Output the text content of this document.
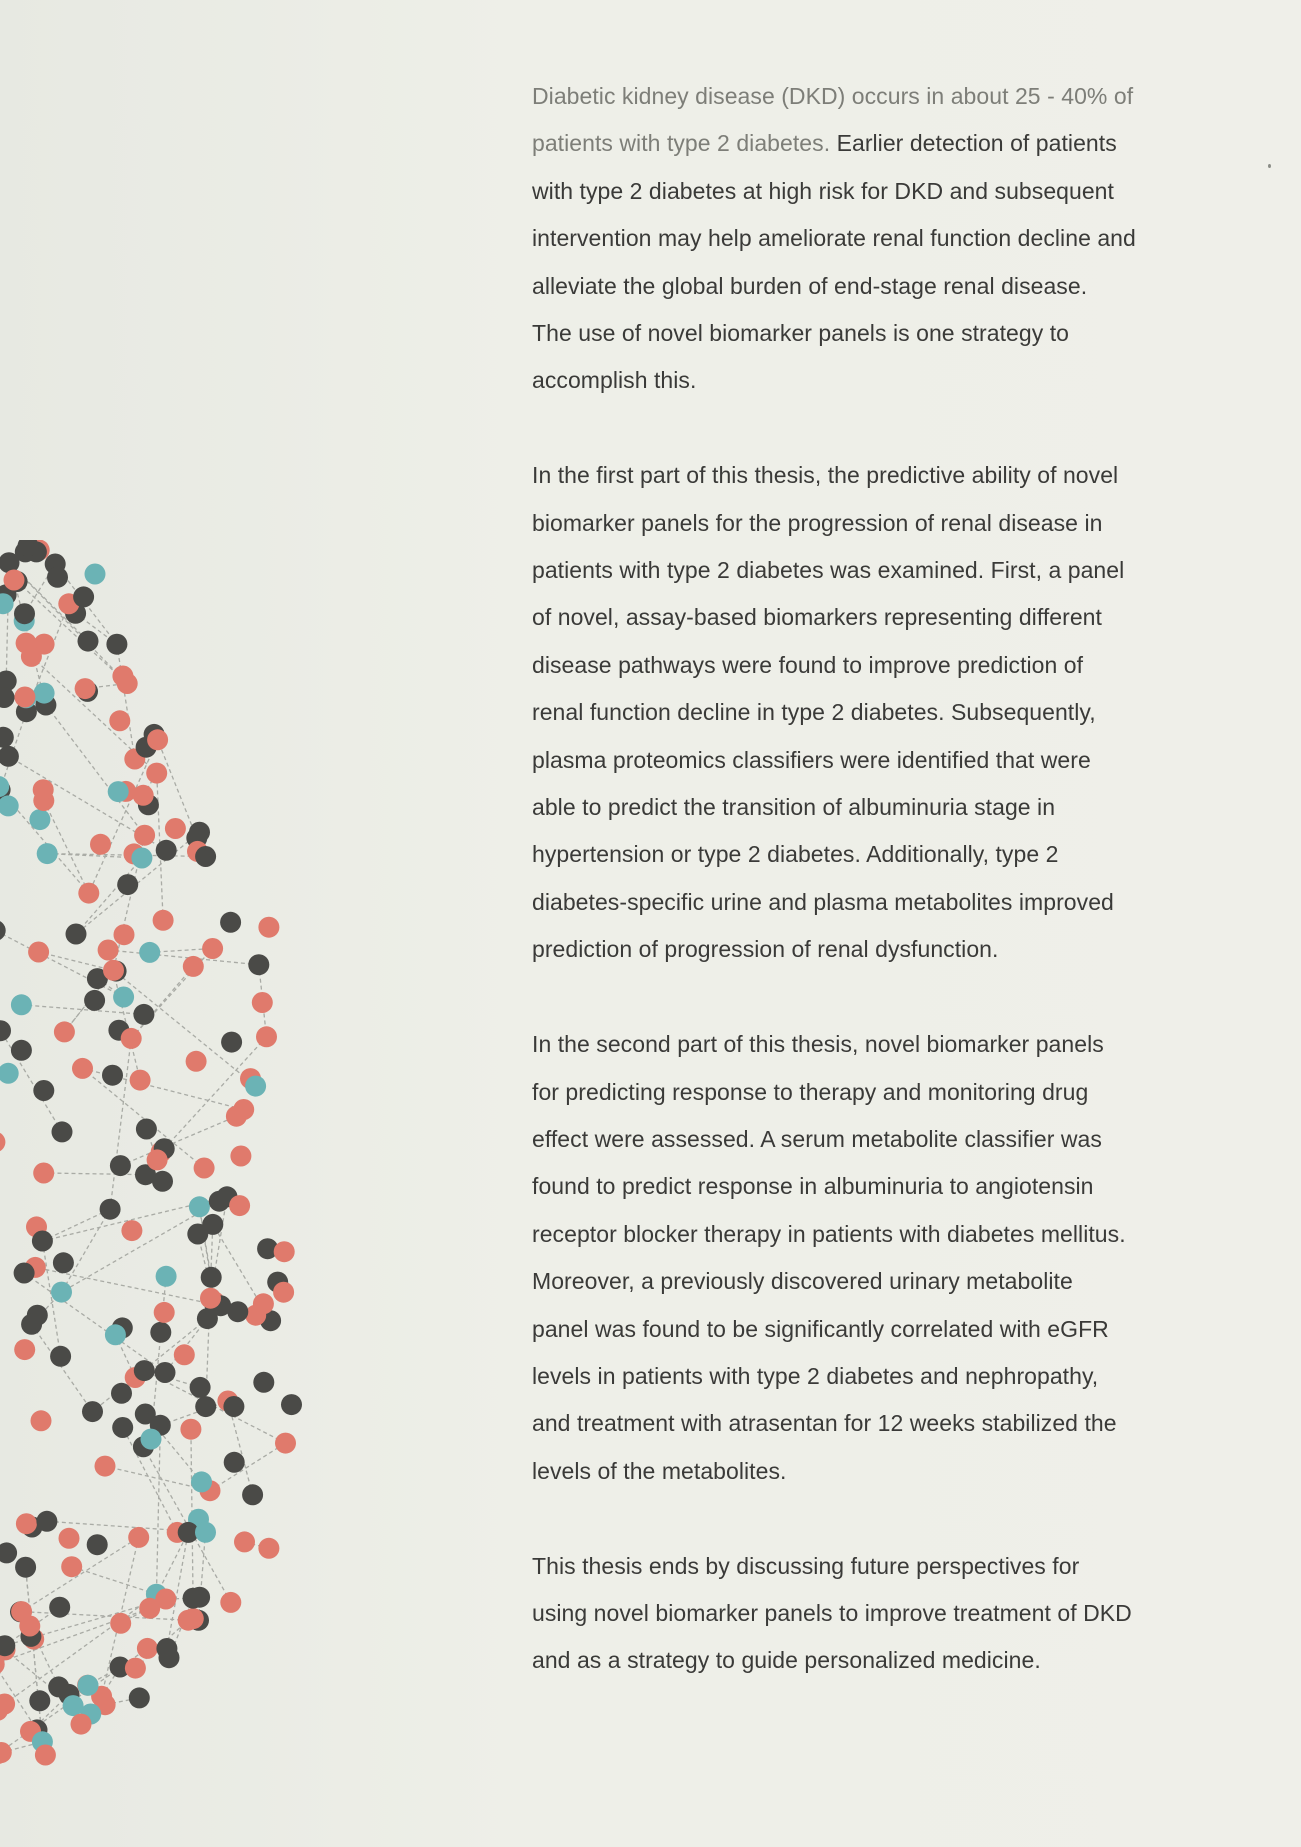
Diabetic kidney disease (DKD) occurs in about 25 - 40% of
patients with type 2 diabetes. Earlier detection of patients
with type 2 diabetes at high risk for DKD and subsequent
intervention may help ameliorate renal function decline and
alleviate the global burden of end-stage renal disease.
The use of novel biomarker panels is one strategy to
accomplish this.

In the first part of this thesis, the predictive ability of novel
biomarker panels for the progression of renal disease in
patients with type 2 diabetes was examined. First, a panel
of novel, assay-based biomarkers representing different
disease pathways were found to improve prediction of
renal function decline in type 2 diabetes. Subsequently,
plasma proteomics classifiers were identified that were
able to predict the transition of albuminuria stage in
hypertension or type 2 diabetes. Additionally, type 2
diabetes-specific urine and plasma metabolites improved
prediction of progression of renal dysfunction.

In the second part of this thesis, novel biomarker panels
for predicting response to therapy and monitoring drug
effect were assessed. A serum metabolite classifier was
found to predict response in albuminuria to angiotensin
receptor blocker therapy in patients with diabetes mellitus.
Moreover, a previously discovered urinary metabolite
panel was found to be significantly correlated with eGFR
levels in patients with type 2 diabetes and nephropathy,
and treatment with atrasentan for 12 weeks stabilized the
levels of the metabolites.

This thesis ends by discussing future perspectives for
using novel biomarker panels to improve treatment of DKD
and as a strategy to guide personalized medicine.
